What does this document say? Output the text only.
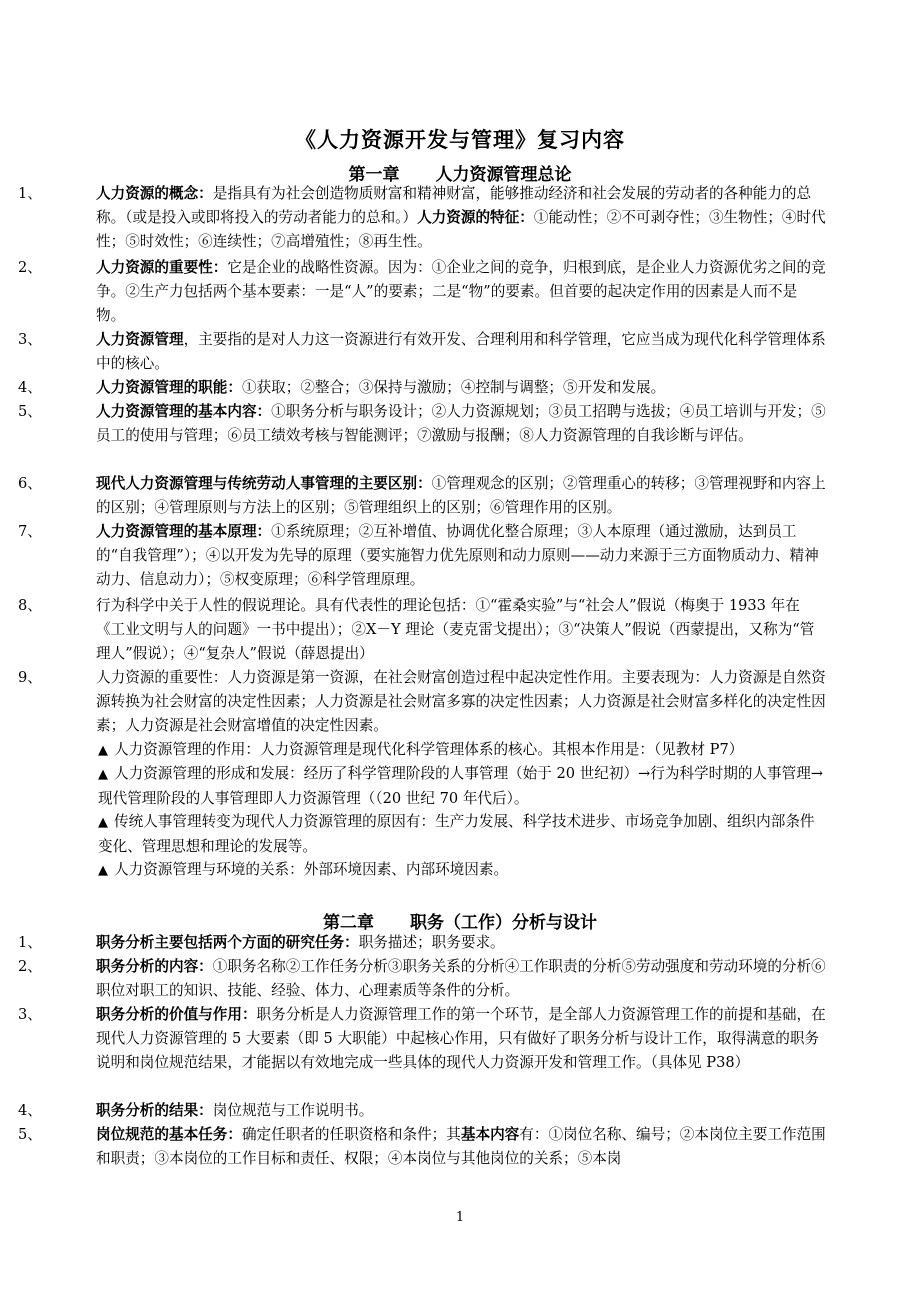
《人力资源开发与管理》复习内容
第一章 人力资源管理总论
1、	人力资源的概念：是指具有为社会创造物质财富和精神财富，能够推动经济和社会发展的劳动者的各种能力的总称。（或是投入或即将投入的劳动者能力的总和。）人力资源的特征：①能动性；②不可剥夺性；③生物性；④时代性；⑤时效性；⑥连续性；⑦高增殖性；⑧再生性。
2、	人力资源的重要性：它是企业的战略性资源。因为：①企业之间的竞争，归根到底，是企业人力资源优劣之间的竞争。②生产力包括两个基本要素：一是“人”的要素；二是“物”的要素。但首要的起决定作用的因素是人而不是物。
3、	人力资源管理，主要指的是对人力这一资源进行有效开发、合理利用和科学管理，它应当成为现代化科学管理体系中的核心。
4、	人力资源管理的职能：①获取；②整合；③保持与激励；④控制与调整；⑤开发和发展。
5、	人力资源管理的基本内容：①职务分析与职务设计；②人力资源规划；③员工招聘与选拔；④员工培训与开发；⑤员工的使用与管理；⑥员工绩效考核与智能测评；⑦激励与报酬；⑧人力资源管理的自我诊断与评估。
6、	现代人力资源管理与传统劳动人事管理的主要区别：①管理观念的区别；②管理重心的转移；③管理视野和内容上的区别；④管理原则与方法上的区别；⑤管理组织上的区别；⑥管理作用的区别。
7、	人力资源管理的基本原理：①系统原理；②互补增值、协调优化整合原理；③人本原理（通过激励，达到员工的“自我管理”）；④以开发为先导的原理（要实施智力优先原则和动力原则——动力来源于三方面物质动力、精神动力、信息动力）；⑤权变原理；⑥科学管理原理。
8、	行为科学中关于人性的假说理论。具有代表性的理论包括：①“霍桑实验”与“社会人”假说（梅奥于 1933 年在《工业文明与人的问题》一书中提出）；②X－Y 理论（麦克雷戈提出）；③“决策人”假说（西蒙提出，又称为“管理人”假说）；④“复杂人”假说（薛恩提出）
9、	人力资源的重要性：人力资源是第一资源，在社会财富创造过程中起决定性作用。主要表现为：人力资源是自然资源转换为社会财富的决定性因素；人力资源是社会财富多寡的决定性因素；人力资源是社会财富多样化的决定性因素；人力资源是社会财富增值的决定性因素。
▲ 人力资源管理的作用：人力资源管理是现代化科学管理体系的核心。其根本作用是：（见教材 P7）
▲ 人力资源管理的形成和发展：经历了科学管理阶段的人事管理（始于 20 世纪初）→行为科学时期的人事管理→现代管理阶段的人事管理即人力资源管理（（20 世纪 70 年代后）。
▲ 传统人事管理转变为现代人力资源管理的原因有：生产力发展、科学技术进步、市场竞争加剧、组织内部条件变化、管理思想和理论的发展等。
▲ 人力资源管理与环境的关系：外部环境因素、内部环境因素。
第二章 职务（工作）分析与设计
1、	职务分析主要包括两个方面的研究任务：职务描述；职务要求。
2、	职务分析的内容：①职务名称②工作任务分析③职务关系的分析④工作职责的分析⑤劳动强度和劳动环境的分析⑥职位对职工的知识、技能、经验、体力、心理素质等条件的分析。
3、	职务分析的价值与作用：职务分析是人力资源管理工作的第一个环节，是全部人力资源管理工作的前提和基础，在现代人力资源管理的 5 大要素（即 5 大职能）中起核心作用，只有做好了职务分析与设计工作，取得满意的职务说明和岗位规范结果，才能据以有效地完成一些具体的现代人力资源开发和管理工作。（具体见 P38）
4、	职务分析的结果：岗位规范与工作说明书。
5、	岗位规范的基本任务：确定任职者的任职资格和条件；其基本内容有：①岗位名称、编号；②本岗位主要工作范围和职责；③本岗位的工作目标和责任、权限；④本岗位与其他岗位的关系；⑤本岗
1
